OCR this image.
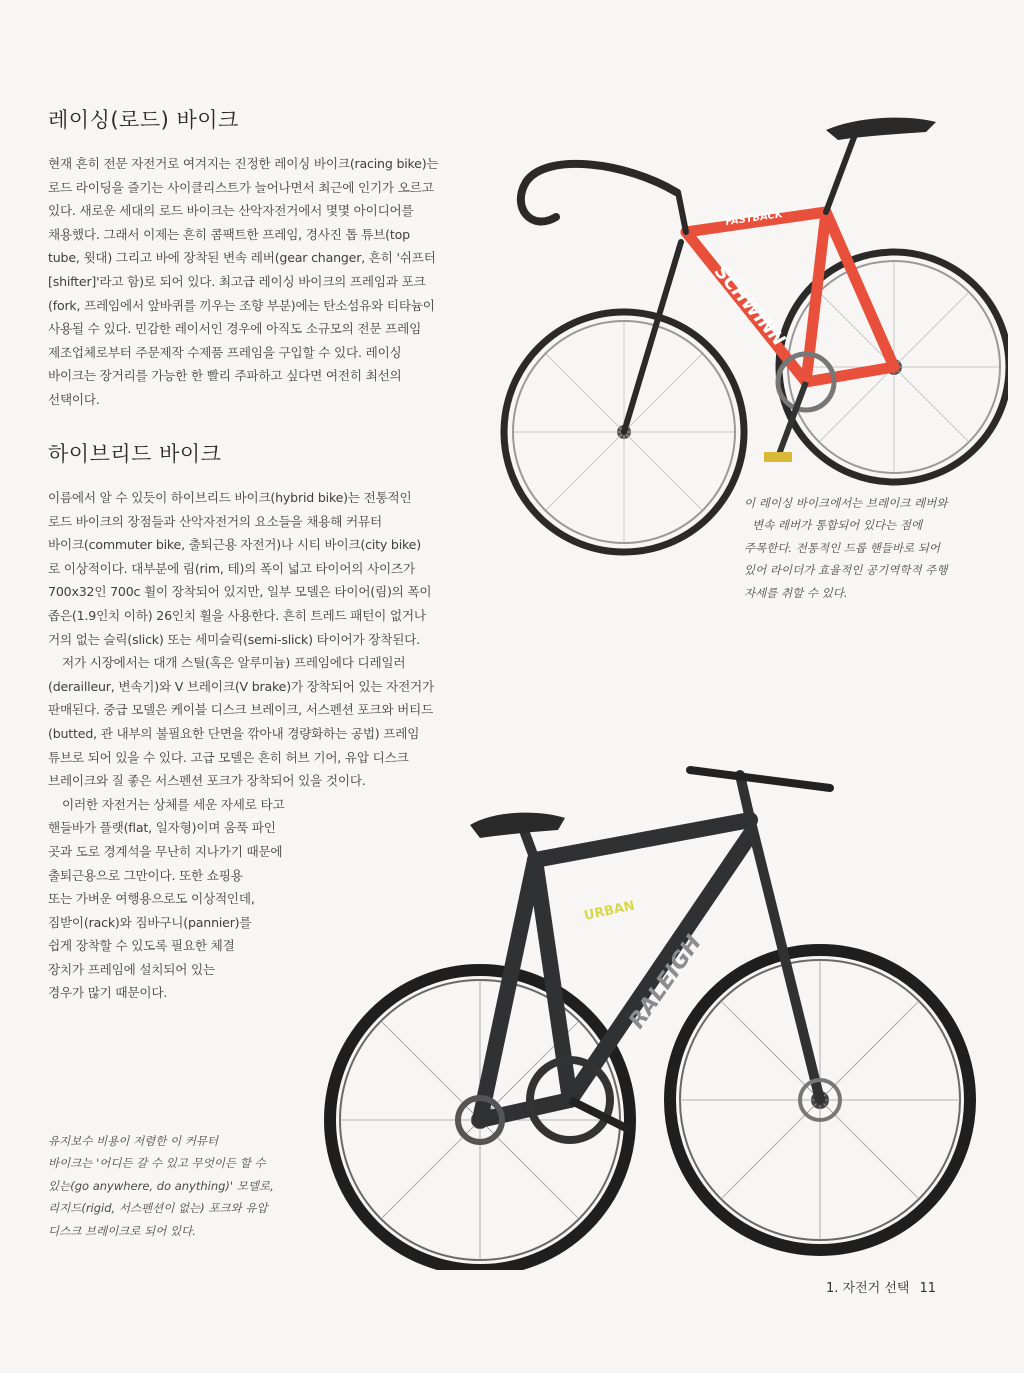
레이싱(로드) 바이크
현재 흔히 전문 자전거로 여겨지는 진정한 레이싱 바이크(racing bike)는
로드 라이딩을 즐기는 사이클리스트가 늘어나면서 최근에 인기가 오르고
있다. 새로운 세대의 로드 바이크는 산악자전거에서 몇몇 아이디어를
채용했다. 그래서 이제는 흔히 콤팩트한 프레임, 경사진 톱 튜브(top
tube, 윗대) 그리고 바에 장착된 변속 레버(gear changer, 흔히 '쉬프터
[shifter]'라고 함)로 되어 있다. 최고급 레이싱 바이크의 프레임과 포크
(fork, 프레임에서 앞바퀴를 끼우는 조향 부분)에는 탄소섬유와 티타늄이
사용될 수 있다. 민감한 레이서인 경우에 아직도 소규모의 전문 프레임
제조업체로부터 주문제작 수제품 프레임을 구입할 수 있다. 레이싱
바이크는 장거리를 가능한 한 빨리 주파하고 싶다면 여전히 최선의
선택이다.
하이브리드 바이크
이름에서 알 수 있듯이 하이브리드 바이크(hybrid bike)는 전통적인
로드 바이크의 장점들과 산악자전거의 요소들을 채용해 커뮤터
바이크(commuter bike, 출퇴근용 자전거)나 시티 바이크(city bike)
로 이상적이다. 대부분에 림(rim, 테)의 폭이 넓고 타이어의 사이즈가
700x32인 700c 휠이 장착되어 있지만, 일부 모델은 타이어(림)의 폭이
좁은(1.9인치 이하) 26인치 휠을 사용한다. 흔히 트레드 패턴이 없거나
거의 없는 슬릭(slick) 또는 세미슬릭(semi-slick) 타이어가 장착된다.
저가 시장에서는 대개 스틸(혹은 알루미늄) 프레임에다 디레일러
(derailleur, 변속기)와 V 브레이크(V brake)가 장착되어 있는 자전거가
판매된다. 중급 모델은 케이블 디스크 브레이크, 서스펜션 포크와 버티드
(butted, 관 내부의 불필요한 단면을 깎아내 경량화하는 공법) 프레임
튜브로 되어 있을 수 있다. 고급 모델은 흔히 허브 기어, 유압 디스크
브레이크와 질 좋은 서스펜션 포크가 장착되어 있을 것이다.
이러한 자전거는 상체를 세운 자세로 타고
핸들바가 플랫(flat, 일자형)이며 움푹 파인
곳과 도로 경계석을 무난히 지나가기 때문에
출퇴근용으로 그만이다. 또한 쇼핑용
또는 가벼운 여행용으로도 이상적인데,
짐받이(rack)와 짐바구니(pannier)를
쉽게 장착할 수 있도록 필요한 체결
장치가 프레임에 설치되어 있는
경우가 많기 때문이다.
FASTBACK
SCHWINN
이 레이싱 바이크에서는 브레이크 레버와
변속 레버가 통합되어 있다는 점에
주목한다. 전통적인 드롭 핸들바로 되어
있어 라이더가 효율적인 공기역학적 주행
자세를 취할 수 있다.
URBAN
RALEIGH
유지보수 비용이 저렴한 이 커뮤터
바이크는 '어디든 갈 수 있고 무엇이든 할 수
있는(go anywhere, do anything)' 모델로,
리지드(rigid, 서스펜션이 없는) 포크와 유압
디스크 브레이크로 되어 있다.
1. 자전거 선택 11
